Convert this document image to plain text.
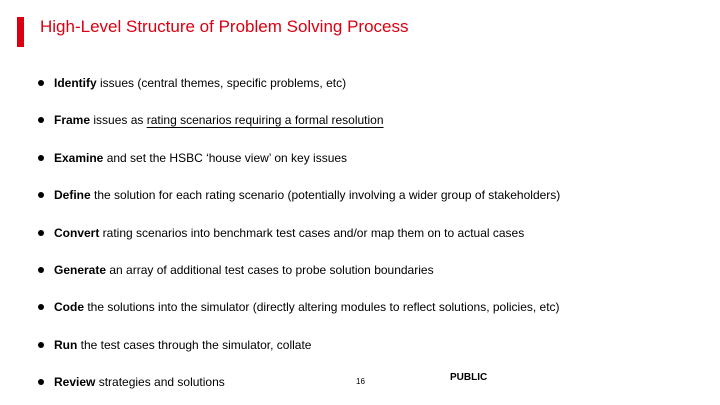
High-Level Structure of Problem Solving Process
Identify issues (central themes, specific problems, etc)
Frame issues as rating scenarios requiring a formal resolution
Examine and set the HSBC ‘house view’ on key issues
Define the solution for each rating scenario (potentially involving a wider group of stakeholders)
Convert rating scenarios into benchmark test cases and/or map them on to actual cases
Generate an array of additional test cases to probe solution boundaries
Code the solutions into the simulator (directly altering modules to reflect solutions, policies, etc)
Run the test cases through the simulator, collate
Review strategies and solutions	16	PUBLIC
